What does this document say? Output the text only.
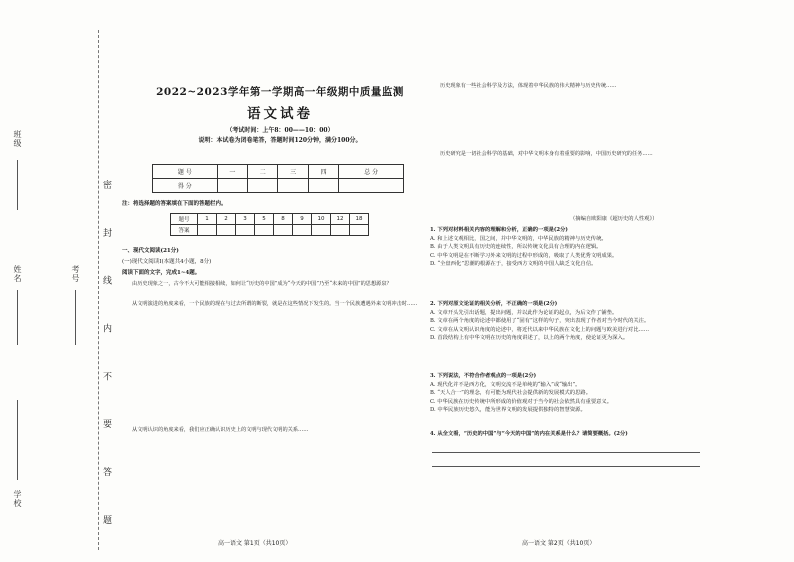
班级
姓名	考号
学校	密 封 线 内 不 要 答 题
2022~2023学年第一学期高一年级期中质量监测
语文试卷
（考试时间：上午8：00——10：00）
说明：本试卷为闭卷笔答，答题时间120分钟，满分100分。
题 号	一	二	三	四	总 分
得 分					
注：将选择题的答案填在下面的答题栏内。
题号	1	2	3	5	8	9	10	12	18
答案									
一、现代文阅读(21分)
(一)现代文阅读Ⅰ(本题共4小题，8分)
阅读下面的文字，完成1~4题。
由历史现象之一，古今不大可能相接相续，如何让“历史的中国”成为“今天的中国”乃至“未来的中国”的思想源泉？
从文明演进的角度来看，一个民族的现在与过去所谓的断裂，就是在这些情况下发生的。当一个民族遭遇外来文明冲击时……
从文明认识的角度来看，我们应正确认识历史上的文明与现代文明的关系……
历史现象有一些社会科学及方法，体现着中华民族的伟大精神与历史传统……
历史研究是一切社会科学的基础，对中华文明本身有着重要的影响，中国历史研究的任务……
（摘编自欧阳康《超历史的人性观》）
1. 下列对材料相关内容的理解和分析，正确的一项是(2分)
A. 和上述文观相比，国之间，并中华文明的，中华民族的精神与历史传统。
B. 由于人类文明具有历史的连续性，所以传统文化具有合理的内在逻辑。
C. 中华文明是在不断学习外来文明的过程中形成的，吸取了人类优秀文明成果。
D. “全盘西化”思潮的根源在于，接受西方文明的中国人缺乏文化自信。
2. 下列对原文论证的相关分析，不正确的一项是(2分)
A. 文章开头先引出话题，提出问题，并以此作为论证的起点，为后文作了铺垫。
B. 文章在两个角度的论述中都使用了“固有”这样的句子，突出表现了作者对当今时代的关注。
C. 文章在从文明认识角度的论述中，将近代以来中华民族在文化上的问题与欧美进行对比……
D. 首段结构上有中华文明在历史的角度讲述了，以上的两个角度，使论证更为深入。
3. 下列说法，不符合作者观点的一项是(2分)
A. 现代化并不是西方化，文明交流不是单纯的“输入”或“输出”。
B. “天人合一”的理念，有可能为现代社会提供新的发展模式的思路。
C. 中华民族在历史传统中所形成的价值观对于当今的社会依然具有重要意义。
D. 中华民族历史悠久，能为世界文明的发展提供独特的智慧资源。
4. 从全文看，“历史的中国”与“今天的中国”的内在关系是什么？请简要概括。(2分)
高一语文 第1页（共10页）	高一语文 第2页（共10页）
